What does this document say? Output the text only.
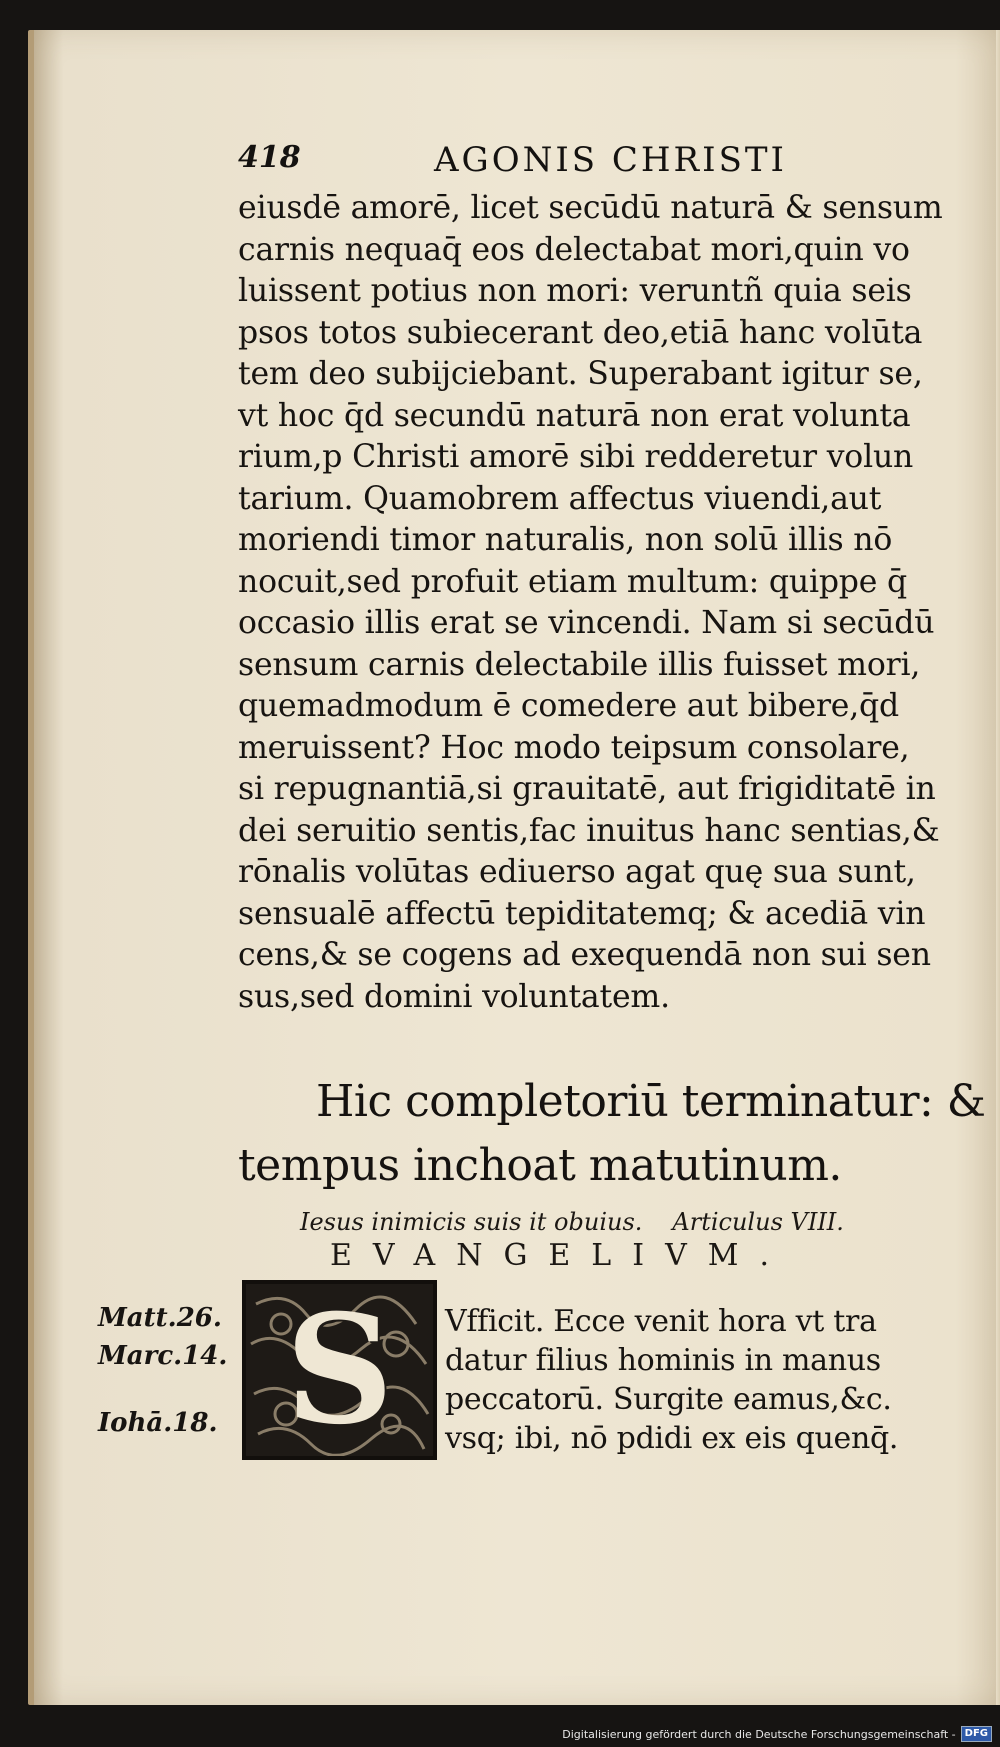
418	AGONIS CHRISTI
eiusdē amorē, licet secūdū naturā & sensum
carnis nequaq̄ eos delectabat mori,quin vo
luissent potius non mori: veruntñ quia seis
psos totos subiecerant deo,etiā hanc volūta
tem deo subijciebant. Superabant igitur se,
vt hoc q̄d secundū naturā non erat volunta
rium,p Christi amorē sibi redderetur volun
tarium. Quamobrem affectus viuendi,aut
moriendi timor naturalis, non solū illis nō
nocuit,sed profuit etiam multum: quippe q̄
occasio illis erat se vincendi. Nam si secūdū
sensum carnis delectabile illis fuisset mori,
quemadmodum ē comedere aut bibere,q̄d
meruissent? Hoc modo teipsum consolare,
si repugnantiā,si grauitatē, aut frigiditatē in
dei seruitio sentis,fac inuitus hanc sentias,&
rōnalis volūtas ediuerso agat quę sua sunt,
sensualē affectū tepiditatemq; & acediā vin
cens,& se cogens ad exequendā non sui sen
sus,sed domini voluntatem.
Hic completoriū terminatur: &
tempus inchoat matutinum.
Iesus inimicis suis it obuius. Articulus VIII.
EVANGELIVM.
Matt.26.
Marc.14.
Iohā.18. S	Vfficit. Ecce venit hora vt tra
datur filius hominis in manus
peccatorū. Surgite eamus,&c.
vsq; ibi, nō pdidi ex eis quenq̄.
Digitalisierung gefördert durch die Deutsche Forschungsgemeinschaft - DFG
